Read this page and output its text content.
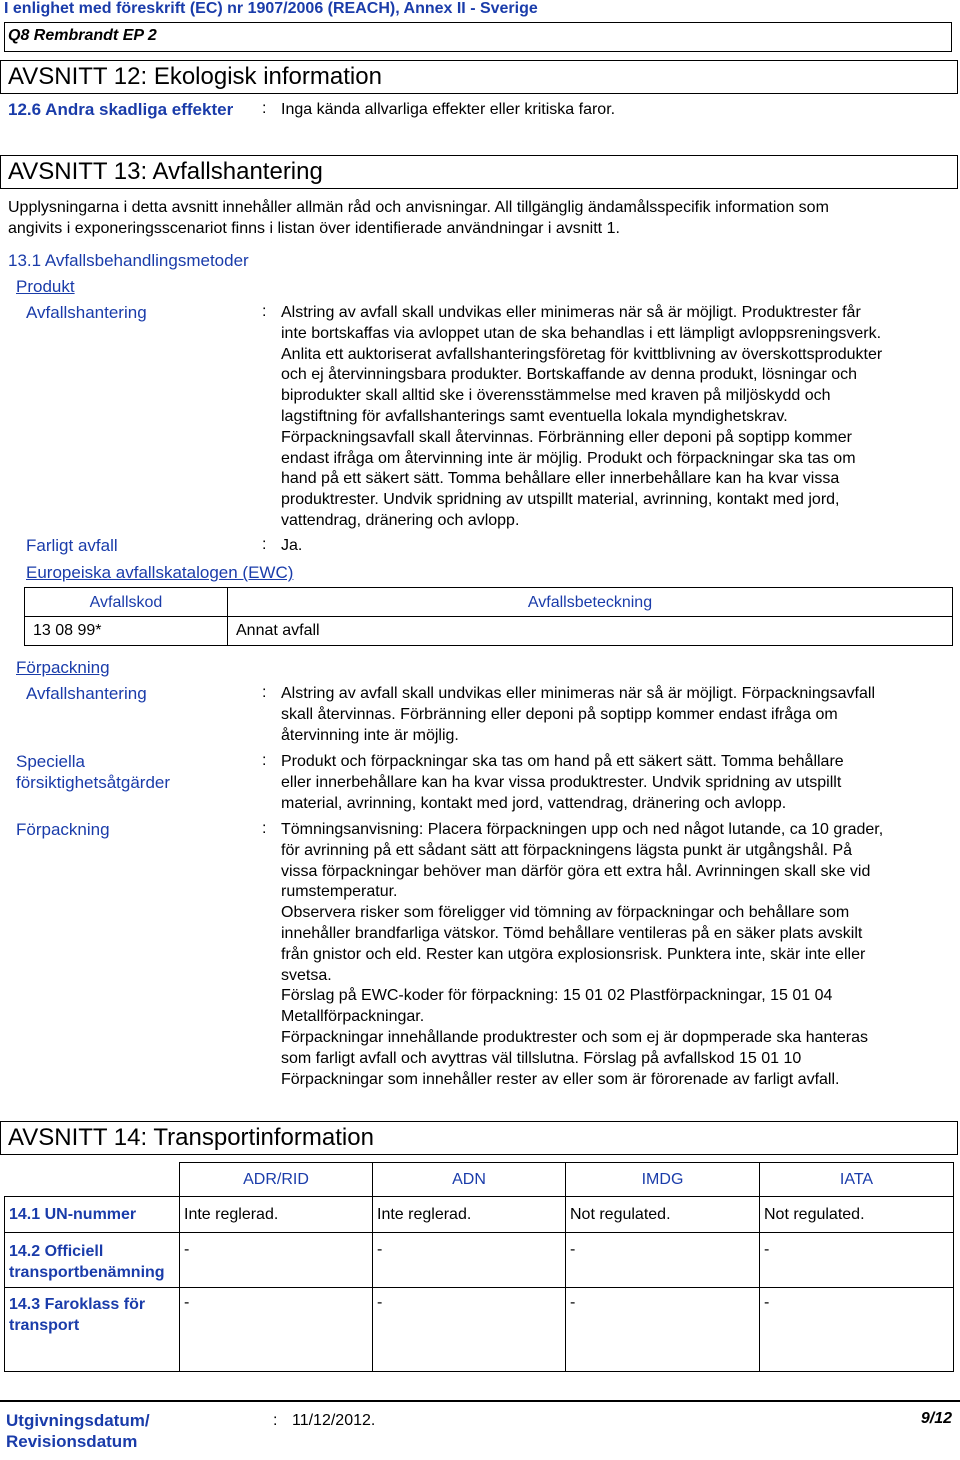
I enlighet med föreskrift (EC) nr 1907/2006 (REACH), Annex II - Sverige
Q8 Rembrandt EP 2
AVSNITT 12: Ekologisk information
12.6 Andra skadliga effekter : Inga kända allvarliga effekter eller kritiska faror.
AVSNITT 13: Avfallshantering
Upplysningarna i detta avsnitt innehåller allmän råd och anvisningar. All tillgänglig ändamålsspecifik information som
angivits i exponeringsscenariot finns i listan över identifierade användningar i avsnitt 1.
13.1 Avfallsbehandlingsmetoder
Produkt
Avfallshantering	: Alstring av avfall skall undvikas eller minimeras när så är möjligt. Produktrester får
inte bortskaffas via avloppet utan de ska behandlas i ett lämpligt avloppsreningsverk.
Anlita ett auktoriserat avfallshanteringsföretag för kvittblivning av överskottsprodukter
och ej återvinningsbara produkter. Bortskaffande av denna produkt, lösningar och
biprodukter skall alltid ske i överensstämmelse med kraven på miljöskydd och
lagstiftning för avfallshanterings samt eventuella lokala myndighetskrav.
Förpackningsavfall skall återvinnas. Förbränning eller deponi på soptipp kommer
endast ifråga om återvinning inte är möjlig. Produkt och förpackningar ska tas om
hand på ett säkert sätt. Tomma behållare eller innerbehållare kan ha kvar vissa
produktrester. Undvik spridning av utspillt material, avrinning, kontakt med jord,
vattendrag, dränering och avlopp.
Farligt avfall	: Ja.
Europeiska avfallskatalogen (EWC)
Avfallskod	Avfallsbeteckning
13 08 99*	Annat avfall
Förpackning
Avfallshantering	: Alstring av avfall skall undvikas eller minimeras när så är möjligt. Förpackningsavfall
skall återvinnas. Förbränning eller deponi på soptipp kommer endast ifråga om
återvinning inte är möjlig.
Speciella
försiktighetsåtgärder
: Produkt och förpackningar ska tas om hand på ett säkert sätt. Tomma behållare
eller innerbehållare kan ha kvar vissa produktrester. Undvik spridning av utspillt
material, avrinning, kontakt med jord, vattendrag, dränering och avlopp.
Förpackning	: Tömningsanvisning: Placera förpackningen upp och ned något lutande, ca 10 grader,
för avrinning på ett sådant sätt att förpackningens lägsta punkt är utgångshål. På
vissa förpackningar behöver man därför göra ett extra hål. Avrinningen skall ske vid
rumstemperatur.
Observera risker som föreligger vid tömning av förpackningar och behållare som
innehåller brandfarliga vätskor. Tömd behållare ventileras på en säker plats avskilt
från gnistor och eld. Rester kan utgöra explosionsrisk. Punktera inte, skär inte eller
svetsa.
Förslag på EWC-koder för förpackning: 15 01 02 Plastförpackningar, 15 01 04
Metallförpackningar.
Förpackningar innehållande produktrester och som ej är dopmperade ska hanteras
som farligt avfall och avyttras väl tillslutna. Förslag på avfallskod 15 01 10
Förpackningar som innehåller rester av eller som är förorenade av farligt avfall.
AVSNITT 14: Transportinformation
	ADR/RID	ADN	IMDG	IATA

14.1 UN-nummer	Inte reglerad.	Inte reglerad.	Not regulated.	Not regulated.

14.2 Officiell
transportbenämning	-	-	-	-

14.3 Faroklass för
transport	-	-	-	-
Utgivningsdatum/
Revisionsdatum
: 11/12/2012.	9/12
